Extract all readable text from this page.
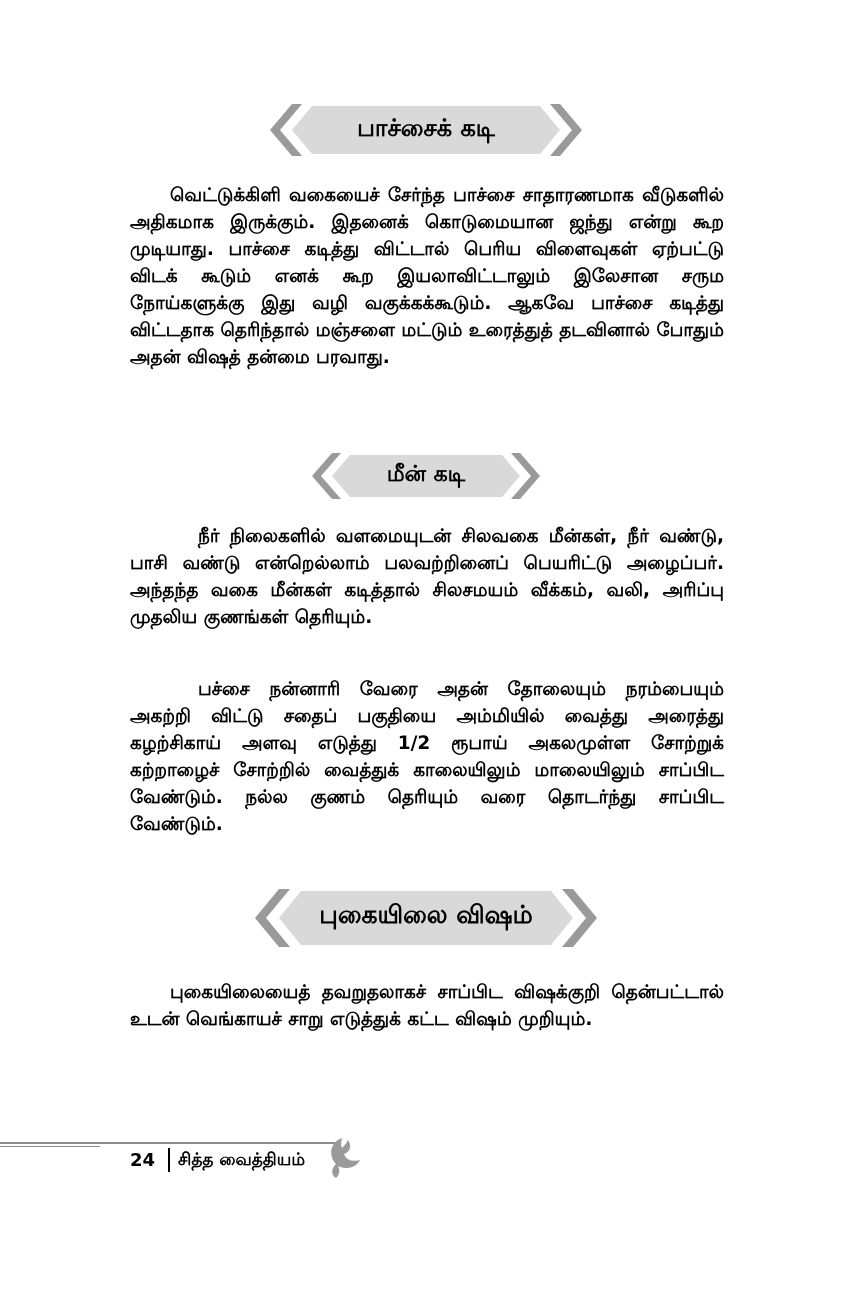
பாச்சைக் கடி

வெட்டுக்கிளி வகையைச் சேர்ந்த பாச்சை சாதாரணமாக வீடுகளில் அதிகமாக இருக்கும். இதனைக் கொடுமையான ஜந்து என்று கூற முடியாது. பாச்சை கடித்து விட்டால் பெரிய விளைவுகள் ஏற்பட்டு விடக் கூடும் எனக் கூற இயலாவிட்டாலும் இலேசான சரும நோய்களுக்கு இது வழி வகுக்கக்கூடும். ஆகவே பாச்சை கடித்து விட்டதாக தெரிந்தால் மஞ்சளை மட்டும் உரைத்துத் தடவினால் போதும் அதன் விஷத் தன்மை பரவாது.

மீன் கடி

நீர் நிலைகளில் வளமையுடன் சிலவகை மீன்கள், நீர் வண்டு, பாசி வண்டு என்றெல்லாம் பலவற்றினைப் பெயரிட்டு அழைப்பர். அந்தந்த வகை மீன்கள் கடித்தால் சிலசமயம் வீக்கம், வலி, அரிப்பு முதலிய குணங்கள் தெரியும்.

பச்சை நன்னாரி வேரை அதன் தோலையும் நரம்பையும் அகற்றி விட்டு சதைப் பகுதியை அம்மியில் வைத்து அரைத்து கழற்சிகாய் அளவு எடுத்து 1/2 ரூபாய் அகலமுள்ள சோற்றுக் கற்றாழைச் சோற்றில் வைத்துக் காலையிலும் மாலையிலும் சாப்பிட வேண்டும். நல்ல குணம் தெரியும் வரை தொடர்ந்து சாப்பிட வேண்டும்.

புகையிலை விஷம்

புகையிலையைத் தவறுதலாகச் சாப்பிட விஷக்குறி தென்பட்டால் உடன் வெங்காயச் சாறு எடுத்துக் கட்ட விஷம் முறியும்.

24 சித்த வைத்தியம்
